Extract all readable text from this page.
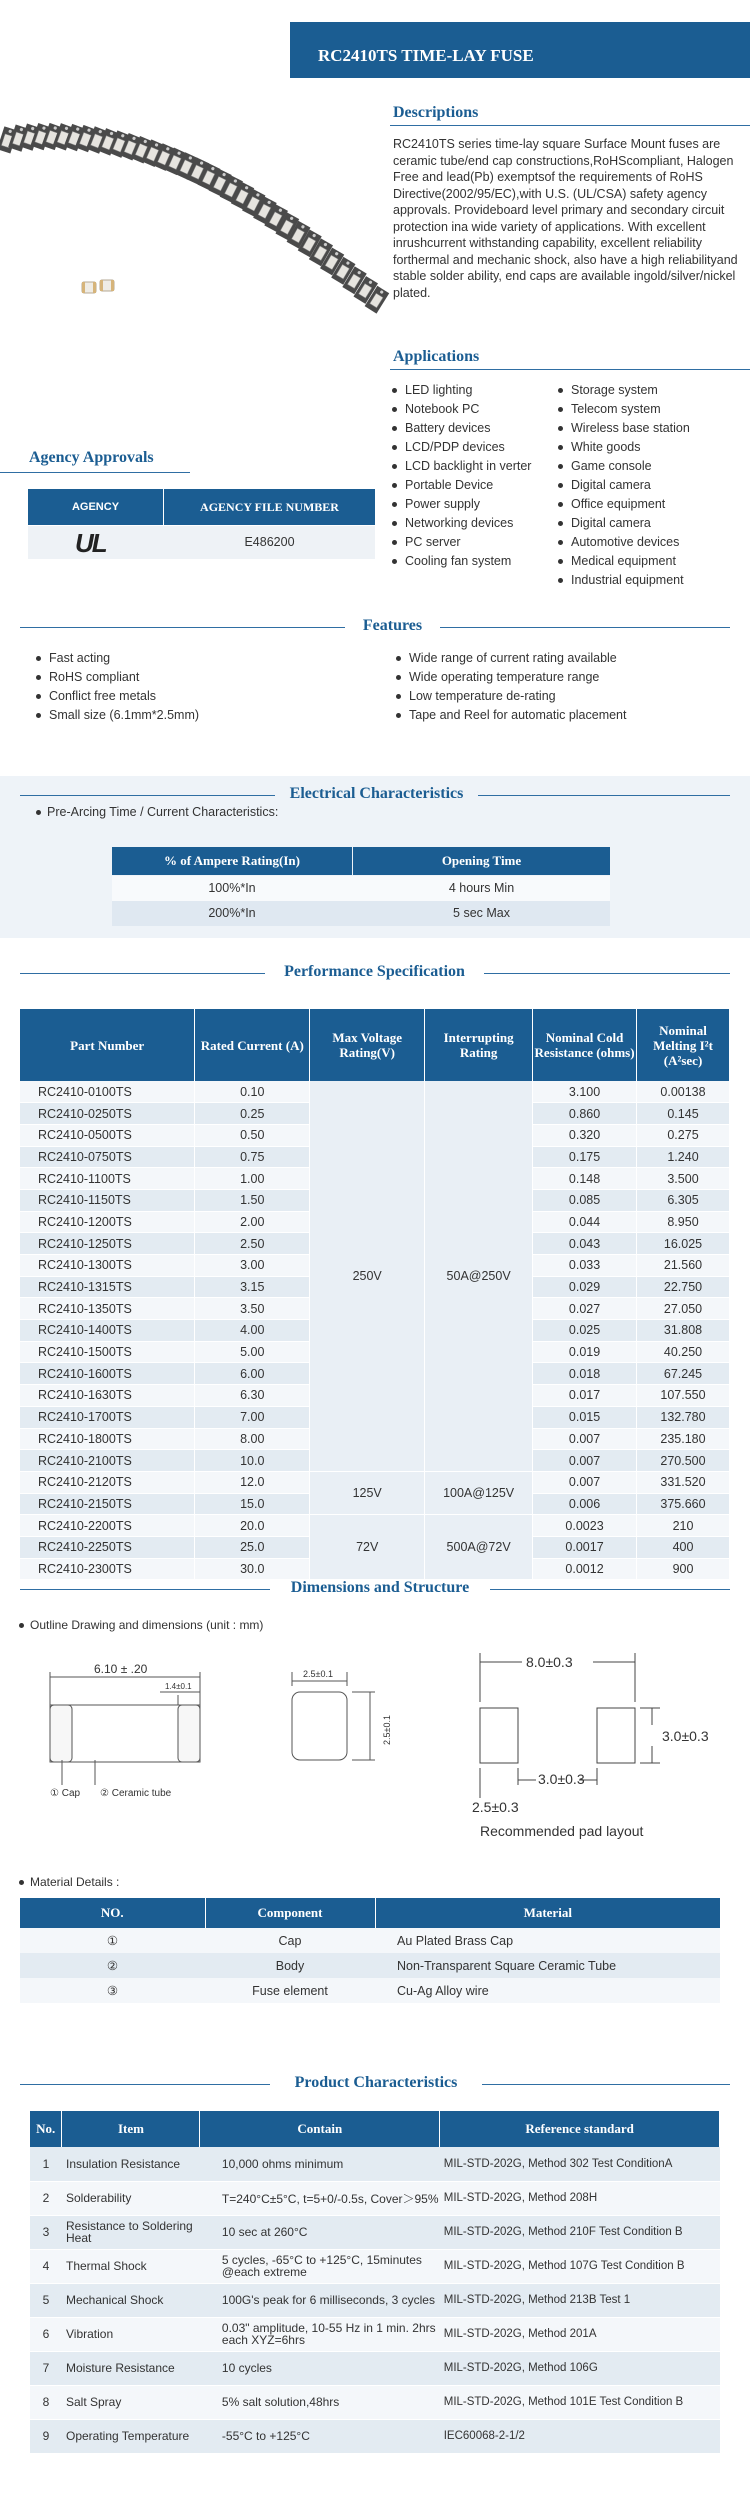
RC2410TS TIME-LAY FUSE
Descriptions
RC2410TS series time-lay square Surface Mount fuses are ceramic tube/end cap constructions,RoHScompliant, Halogen Free and lead(Pb) exemptsof the requirements of RoHS Directive(2002/95/EC),with U.S. (UL/CSA) safety agency approvals. Provideboard level primary and secondary circuit protection ina wide variety of applications. With excellent inrushcurrent withstanding capability, excellent reliability forthermal and mechanic shock, also have a high reliabilityand stable solder ability, end caps are available ingold/silver/nickel plated.
Applications
LED lighting
Notebook PC
Battery devices
LCD/PDP devices
LCD backlight in verter
Portable Device
Power supply
Networking devices
PC server
Cooling fan system
Storage system
Telecom system
Wireless base station
White goods
Game console
Digital camera
Office equipment
Digital camera
Automotive devices
Medical equipment
Industrial equipment
Agency Approvals
AGENCY	AGENCY FILE NUMBER
UL	E486200
Features
Fast acting
RoHS compliant
Conflict free metals
Small size (6.1mm*2.5mm)
Wide range of current rating available
Wide operating temperature range
Low temperature de-rating
Tape and Reel for automatic placement
Electrical Characteristics
Pre-Arcing Time / Current Characteristics:
% of Ampere Rating(In)	Opening Time
100%*In	4 hours Min
200%*In	5 sec Max
Performance Specification
Part Number	Rated Current (A)	Max Voltage Rating(V)	Interrupting Rating	Nominal Cold Resistance (ohms)	Nominal Melting I²t (A²sec)
RC2410-0100TS	0.10	250V	50A@250V	3.100	0.00138
RC2410-0250TS	0.25			0.860	0.145
RC2410-0500TS	0.50			0.320	0.275
RC2410-0750TS	0.75			0.175	1.240
RC2410-1100TS	1.00			0.148	3.500
RC2410-1150TS	1.50			0.085	6.305
RC2410-1200TS	2.00			0.044	8.950
RC2410-1250TS	2.50			0.043	16.025
RC2410-1300TS	3.00			0.033	21.560
RC2410-1315TS	3.15			0.029	22.750
RC2410-1350TS	3.50			0.027	27.050
RC2410-1400TS	4.00			0.025	31.808
RC2410-1500TS	5.00			0.019	40.250
RC2410-1600TS	6.00			0.018	67.245
RC2410-1630TS	6.30			0.017	107.550
RC2410-1700TS	7.00			0.015	132.780
RC2410-1800TS	8.00			0.007	235.180
RC2410-2100TS	10.0			0.007	270.500
RC2410-2120TS	12.0	125V	100A@125V	0.007	331.520
RC2410-2150TS	15.0			0.006	375.660
RC2410-2200TS	20.0	72V	500A@72V	0.0023	210
RC2410-2250TS	25.0			0.0017	400
RC2410-2300TS	30.0			0.0012	900
Dimensions and Structure
Outline Drawing and dimensions (unit : mm)
6.10 ± .20
1.4±0.1
① Cap ② Ceramic tube
2.5±0.1
2.5±0.1
8.0±0.3
3.0±0.3
3.0±0.3
2.5±0.3
Recommended pad layout
Material Details :
NO.	Component	Material
①	Cap	Au Plated Brass Cap
②	Body	Non-Transparent Square Ceramic Tube
③	Fuse element	Cu-Ag Alloy wire
Product Characteristics
No.	Item	Contain	Reference standard
1	Insulation Resistance	10,000 ohms minimum	MIL-STD-202G, Method 302 Test ConditionA
2	Solderability	T=240°C±5°C, t=5+0/-0.5s, Cover＞95%	MIL-STD-202G, Method 208H
3	Resistance to Soldering Heat	10 sec at 260°C	MIL-STD-202G, Method 210F Test Condition B
4	Thermal Shock	5 cycles, -65°C to +125°C, 15minutes @each extreme	MIL-STD-202G, Method 107G Test Condition B
5	Mechanical Shock	100G's peak for 6 milliseconds, 3 cycles	MIL-STD-202G, Method 213B Test 1
6	Vibration	0.03" amplitude, 10-55 Hz in 1 min. 2hrs each XYZ=6hrs	MIL-STD-202G, Method 201A
7	Moisture Resistance	10 cycles	MIL-STD-202G, Method 106G
8	Salt Spray	5% salt solution,48hrs	MIL-STD-202G, Method 101E Test Condition B
9	Operating Temperature	-55°C to +125°C	IEC60068-2-1/2
